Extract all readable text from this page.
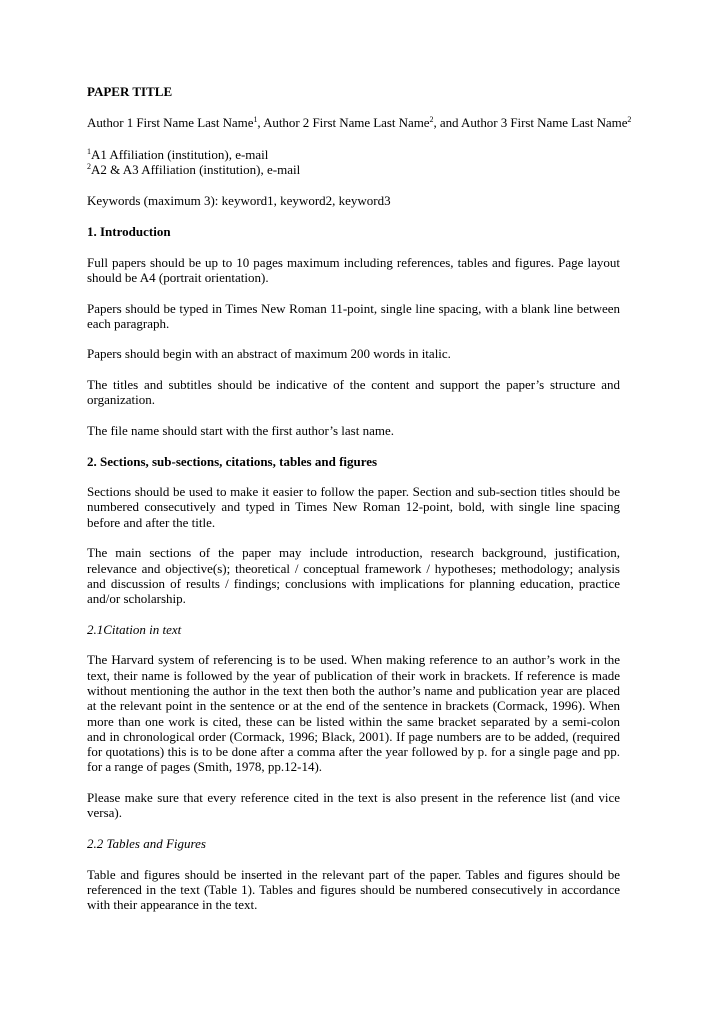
PAPER TITLE

Author 1 First Name Last Name$^1$, Author 2 First Name Last Name$^2$, and Author 3 First Name Last Name$^2$

$^1$A1 Affiliation (institution), e-mail

$^2$A2 & A3 Affiliation (institution), e-mail

Keywords (maximum 3): keyword1, keyword2, keyword3

1. Introduction

Full papers should be up to 10 pages maximum including references, tables and figures. Page layout should be A4 (portrait orientation).

Papers should be typed in Times New Roman 11-point, single line spacing, with a blank line between each paragraph.

Papers should begin with an abstract of maximum 200 words in italic.

The titles and subtitles should be indicative of the content and support the paper’s structure and organization.

The file name should start with the first author’s last name.

2. Sections, sub-sections, citations, tables and figures

Sections should be used to make it easier to follow the paper. Section and sub-section titles should be numbered consecutively and typed in Times New Roman 12-point, bold, with single line spacing before and after the title.

The main sections of the paper may include introduction, research background, justification, relevance and objective(s); theoretical / conceptual framework / hypotheses; methodology; analysis and discussion of results / findings; conclusions with implications for planning education, practice and/or scholarship.

2.1Citation in text

The Harvard system of referencing is to be used. When making reference to an author’s work in the text, their name is followed by the year of publication of their work in brackets. If reference is made without mentioning the author in the text then both the author’s name and publication year are placed at the relevant point in the sentence or at the end of the sentence in brackets (Cormack, 1996). When more than one work is cited, these can be listed within the same bracket separated by a semi-colon and in chronological order (Cormack, 1996; Black, 2001). If page numbers are to be added, (required for quotations) this is to be done after a comma after the year followed by p. for a single page and pp. for a range of pages (Smith, 1978, pp.12-14).

Please make sure that every reference cited in the text is also present in the reference list (and vice versa).

2.2 Tables and Figures

Table and figures should be inserted in the relevant part of the paper. Tables and figures should be referenced in the text (Table 1). Tables and figures should be numbered consecutively in accordance with their appearance in the text.
